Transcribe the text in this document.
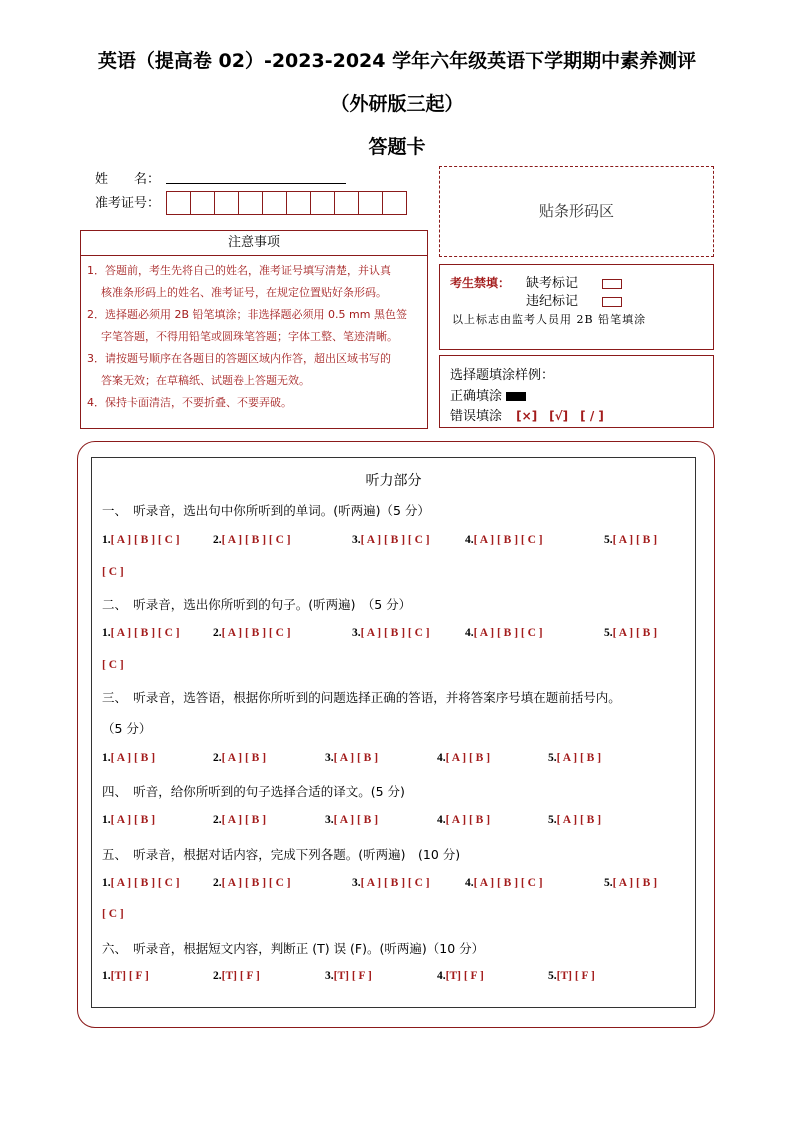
英语（提高卷 02）-2023-2024 学年六年级英语下学期期中素养测评
（外研版三起）
答题卡
姓　　名：
准考证号：	贴条形码区
注意事项
1．答题前，考生先将自己的姓名，准考证号填写清楚，并认真
核准条形码上的姓名、准考证号，在规定位置贴好条形码。
2．选择题必须用 2B 铅笔填涂；非选择题必须用 0.5 mm 黑色签
字笔答题，不得用铅笔或圆珠笔答题；字体工整、笔迹清晰。
3．请按题号顺序在各题目的答题区域内作答，超出区域书写的
答案无效；在草稿纸、试题卷上答题无效。
4．保持卡面清洁，不要折叠、不要弄破。
考生禁填： 缺考标记
违纪标记
以上标志由监考人员用 2B 铅笔填涂
选择题填涂样例：
正确填涂
错误填涂 [×]　[√]　[ / ]
听力部分
一、　听录音，选出句中你所听到的单词。(听两遍)（5 分）
1.[ A ] [ B ] [ C ]	2.[ A ] [ B ] [ C ]	3.[ A ] [ B ] [ C ]	4.[ A ] [ B ] [ C ]	5.[ A ] [ B ]
[ C ]
二、　听录音，选出你所听到的句子。(听两遍)　（5 分）
1.[ A ] [ B ] [ C ]	2.[ A ] [ B ] [ C ]	3.[ A ] [ B ] [ C ]	4.[ A ] [ B ] [ C ]	5.[ A ] [ B ]
[ C ]
三、　听录音，选答语，根据你所听到的问题选择正确的答语，并将答案序号填在题前括号内。
（5 分）
1.[ A ] [ B ]	2.[ A ] [ B ]	3.[ A ] [ B ]	4.[ A ] [ B ]	5.[ A ] [ B ]
四、　听音，给你所听到的句子选择合适的译文。(5 分)
1.[ A ] [ B ]	2.[ A ] [ B ]	3.[ A ] [ B ]	4.[ A ] [ B ]	5.[ A ] [ B ]
五、　听录音，根据对话内容，完成下列各题。(听两遍)　(10 分)
1.[ A ] [ B ] [ C ]	2.[ A ] [ B ] [ C ]	3.[ A ] [ B ] [ C ]	4.[ A ] [ B ] [ C ]	5.[ A ] [ B ]
[ C ]
六、　听录音，根据短文内容，判断正 (T) 误 (F)。(听两遍)（10 分）
1.[T] [ F ]	2.[T] [ F ]	3.[T] [ F ]	4.[T] [ F ]	5.[T] [ F ]
